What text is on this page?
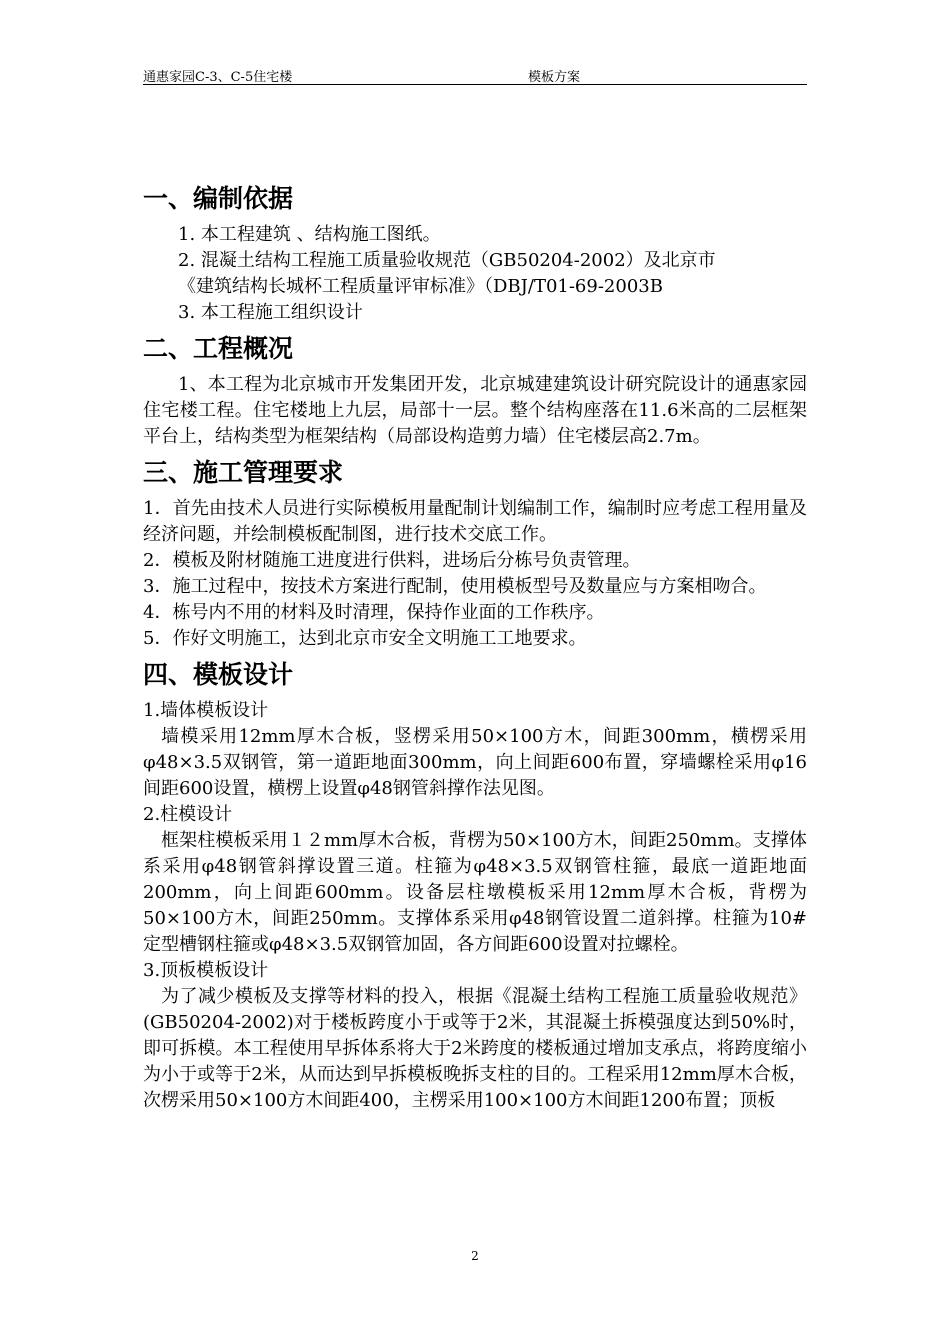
通惠家园C-3、C-5住宅楼	模板方案
一、编制依据

1. 本工程建筑 、结构施工图纸。

2. 混凝土结构工程施工质量验收规范（GB50204-2002）及北京市

《建筑结构长城杯工程质量评审标准》（DBJ/T01-69-2003B

3. 本工程施工组织设计

二、工程概况

1、本工程为北京城市开发集团开发，北京城建建筑设计研究院设计的通惠家园住宅楼工程。住宅楼地上九层，局部十一层。整个结构座落在11.6米高的二层框架平台上，结构类型为框架结构（局部设构造剪力墙）住宅楼层高2.7m。

三、施工管理要求

1．首先由技术人员进行实际模板用量配制计划编制工作，编制时应考虑工程用量及经济问题，并绘制模板配制图，进行技术交底工作。

2．模板及附材随施工进度进行供料，进场后分栋号负责管理。

3．施工过程中，按技术方案进行配制，使用模板型号及数量应与方案相吻合。

4．栋号内不用的材料及时清理，保持作业面的工作秩序。

5．作好文明施工，达到北京市安全文明施工工地要求。

四、模板设计

1.墙体模板设计

墙模采用12mm厚木合板，竖楞采用50×100方木，间距300mm，横楞采用φ48×3.5双钢管，第一道距地面300mm，向上间距600布置，穿墙螺栓采用φ16间距600设置，横楞上设置φ48钢管斜撑作法见图。

2.柱模设计

框架柱模板采用１２mm厚木合板，背楞为50×100方木，间距250mm。支撑体系采用φ48钢管斜撑设置三道。柱箍为φ48×3.5双钢管柱箍，最底一道距地面200mm，向上间距600mm。设备层柱墩模板采用12mm厚木合板，背楞为50×100方木，间距250mm。支撑体系采用φ48钢管设置二道斜撑。柱箍为10#定型槽钢柱箍或φ48×3.5双钢管加固，各方间距600设置对拉螺栓。

3.顶板模板设计

为了减少模板及支撑等材料的投入，根据《混凝土结构工程施工质量验收规范》(GB50204-2002)对于楼板跨度小于或等于2米，其混凝土拆模强度达到50%时，即可拆模。本工程使用早拆体系将大于2米跨度的楼板通过增加支承点，将跨度缩小为小于或等于2米，从而达到早拆模板晚拆支柱的目的。工程采用12mm厚木合板，次楞采用50×100方木间距400，主楞采用100×100方木间距1200布置；顶板

2
